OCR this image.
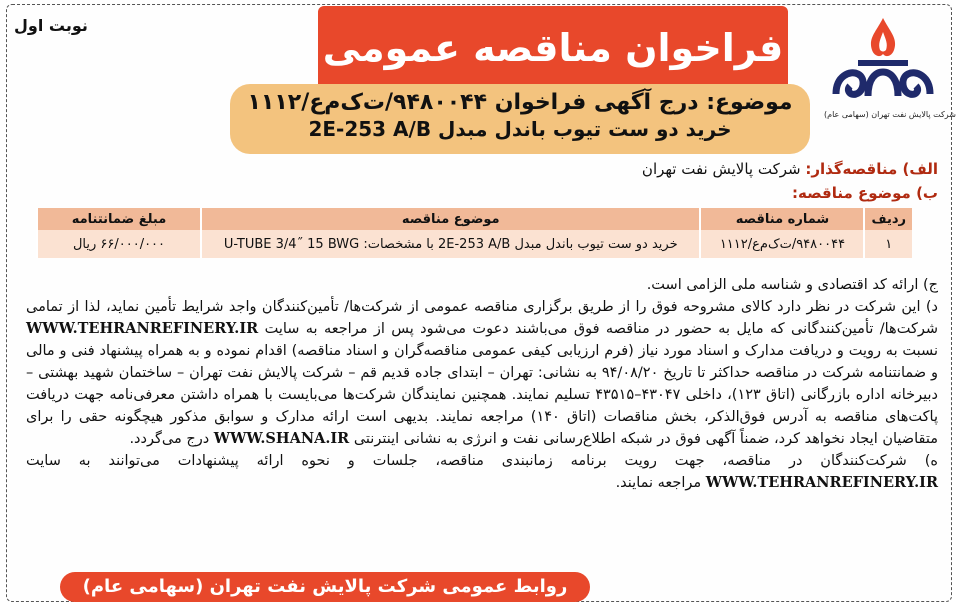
نوبت اول
شرکت پالایش نفت تهران (سهامی عام)
فراخوان مناقصه عمومی
موضوع: درج آگهی فراخوان ۹۴۸۰۰۴۴/ت‌ک‌م‌ع/۱۱۱۲
خرید دو ست تیوب باندل مبدل 2E-253 A/B
الف) مناقصه‌گذار: شرکت پالایش نفت تهران
ب) موضوع مناقصه:
ردیف	شماره مناقصه	موضوع مناقصه	مبلغ ضمانتنامه
۱	۹۴۸۰۰۴۴/ت‌ک‌م‌ع/۱۱۱۲	خرید دو ست تیوب باندل مبدل 2E-253 A/B با مشخصات: U-TUBE 3/4˝ 15 BWG	۶۶/۰۰۰/۰۰۰ ریال

ج) ارائه کد اقتصادی و شناسه ملی الزامی است.

د) این شرکت در نظر دارد کالای مشروحه فوق را از طریق برگزاری مناقصه عمومی از شرکت‌ها/ تأمین‌کنندگان واجد شرایط تأمین نماید، لذا از تمامی شرکت‌ها/ تأمین‌کنندگانی که مایل به حضور در مناقصه فوق می‌باشند دعوت می‌شود پس از مراجعه به سایت WWW.TEHRANREFINERY.IR نسبت به رویت و دریافت مدارک و اسناد مورد نیاز (فرم ارزیابی کیفی عمومی مناقصه‌گران و اسناد مناقصه) اقدام نموده و به همراه پیشنهاد فنی و مالی و ضمانتنامه شرکت در مناقصه حداکثر تا تاریخ ۹۴/۰۸/۲۰ به نشانی: تهران – ابتدای جاده قدیم قم – شرکت پالایش نفت تهران – ساختمان شهید بهشتی – دبیرخانه اداره بازرگانی (اتاق ۱۲۳)، داخلی ۴۳۰۴۷–۴۳۵۱۵ تسلیم نمایند. همچنین نمایندگان شرکت‌ها می‌بایست با همراه داشتن معرفی‌نامه جهت دریافت پاکت‌های مناقصه به آدرس فوق‌الذکر، بخش مناقصات (اتاق ۱۴۰) مراجعه نمایند. بدیهی است ارائه مدارک و سوابق مذکور هیچگونه حقی را برای متقاضیان ایجاد نخواهد کرد، ضمناً آگهی فوق در شبکه اطلاع‌رسانی نفت و انرژی به نشانی اینترنتی WWW.SHANA.IR درج می‌گردد.

ه) شرکت‌کنندگان در مناقصه، جهت رویت برنامه زمانبندی مناقصه، جلسات و نحوه ارائه پیشنهادات می‌توانند به سایت WWW.TEHRANREFINERY.IR مراجعه نمایند.

روابط عمومی شرکت پالایش نفت تهران (سهامی عام)
